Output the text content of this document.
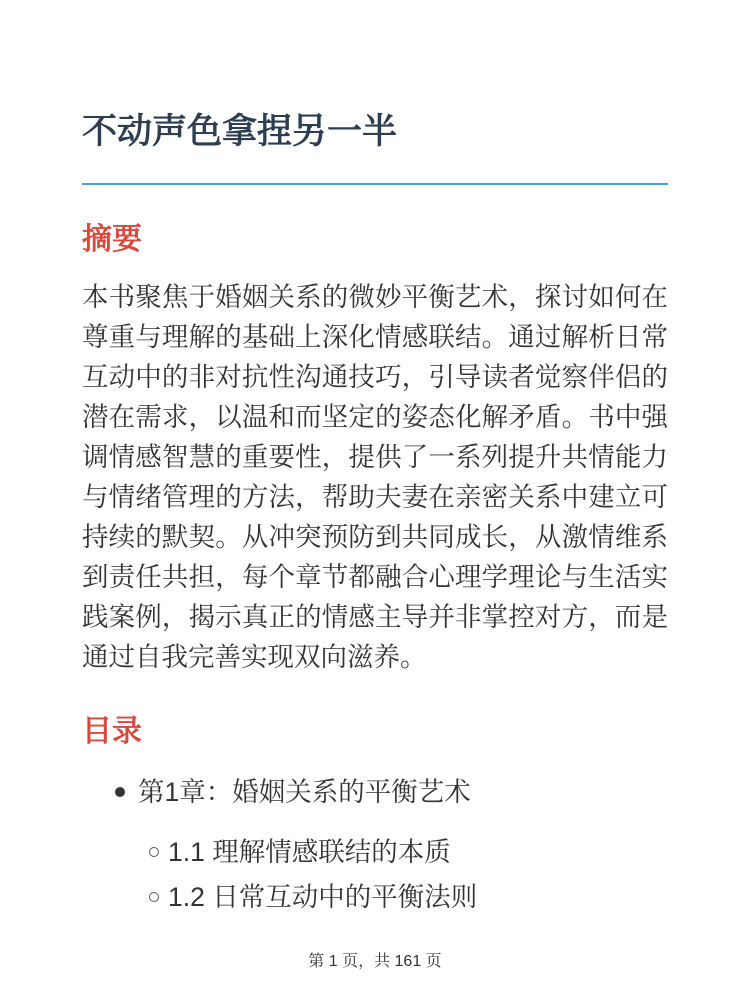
不动声色拿捏另一半
摘要

本书聚焦于婚姻关系的微妙平衡艺术，探讨如何在尊重与理解的基础上深化情感联结。通过解析日常互动中的非对抗性沟通技巧，引导读者觉察伴侣的潜在需求，以温和而坚定的姿态化解矛盾。书中强调情感智慧的重要性，提供了一系列提升共情能力与情绪管理的方法，帮助夫妻在亲密关系中建立可持续的默契。从冲突预防到共同成长，从激情维系到责任共担，每个章节都融合心理学理论与生活实践案例，揭示真正的情感主导并非掌控对方，而是通过自我完善实现双向滋养。

目录
第1章：婚姻关系的平衡艺术
1.1 理解情感联结的本质
1.2 日常互动中的平衡法则
第 1 页，共 161 页
